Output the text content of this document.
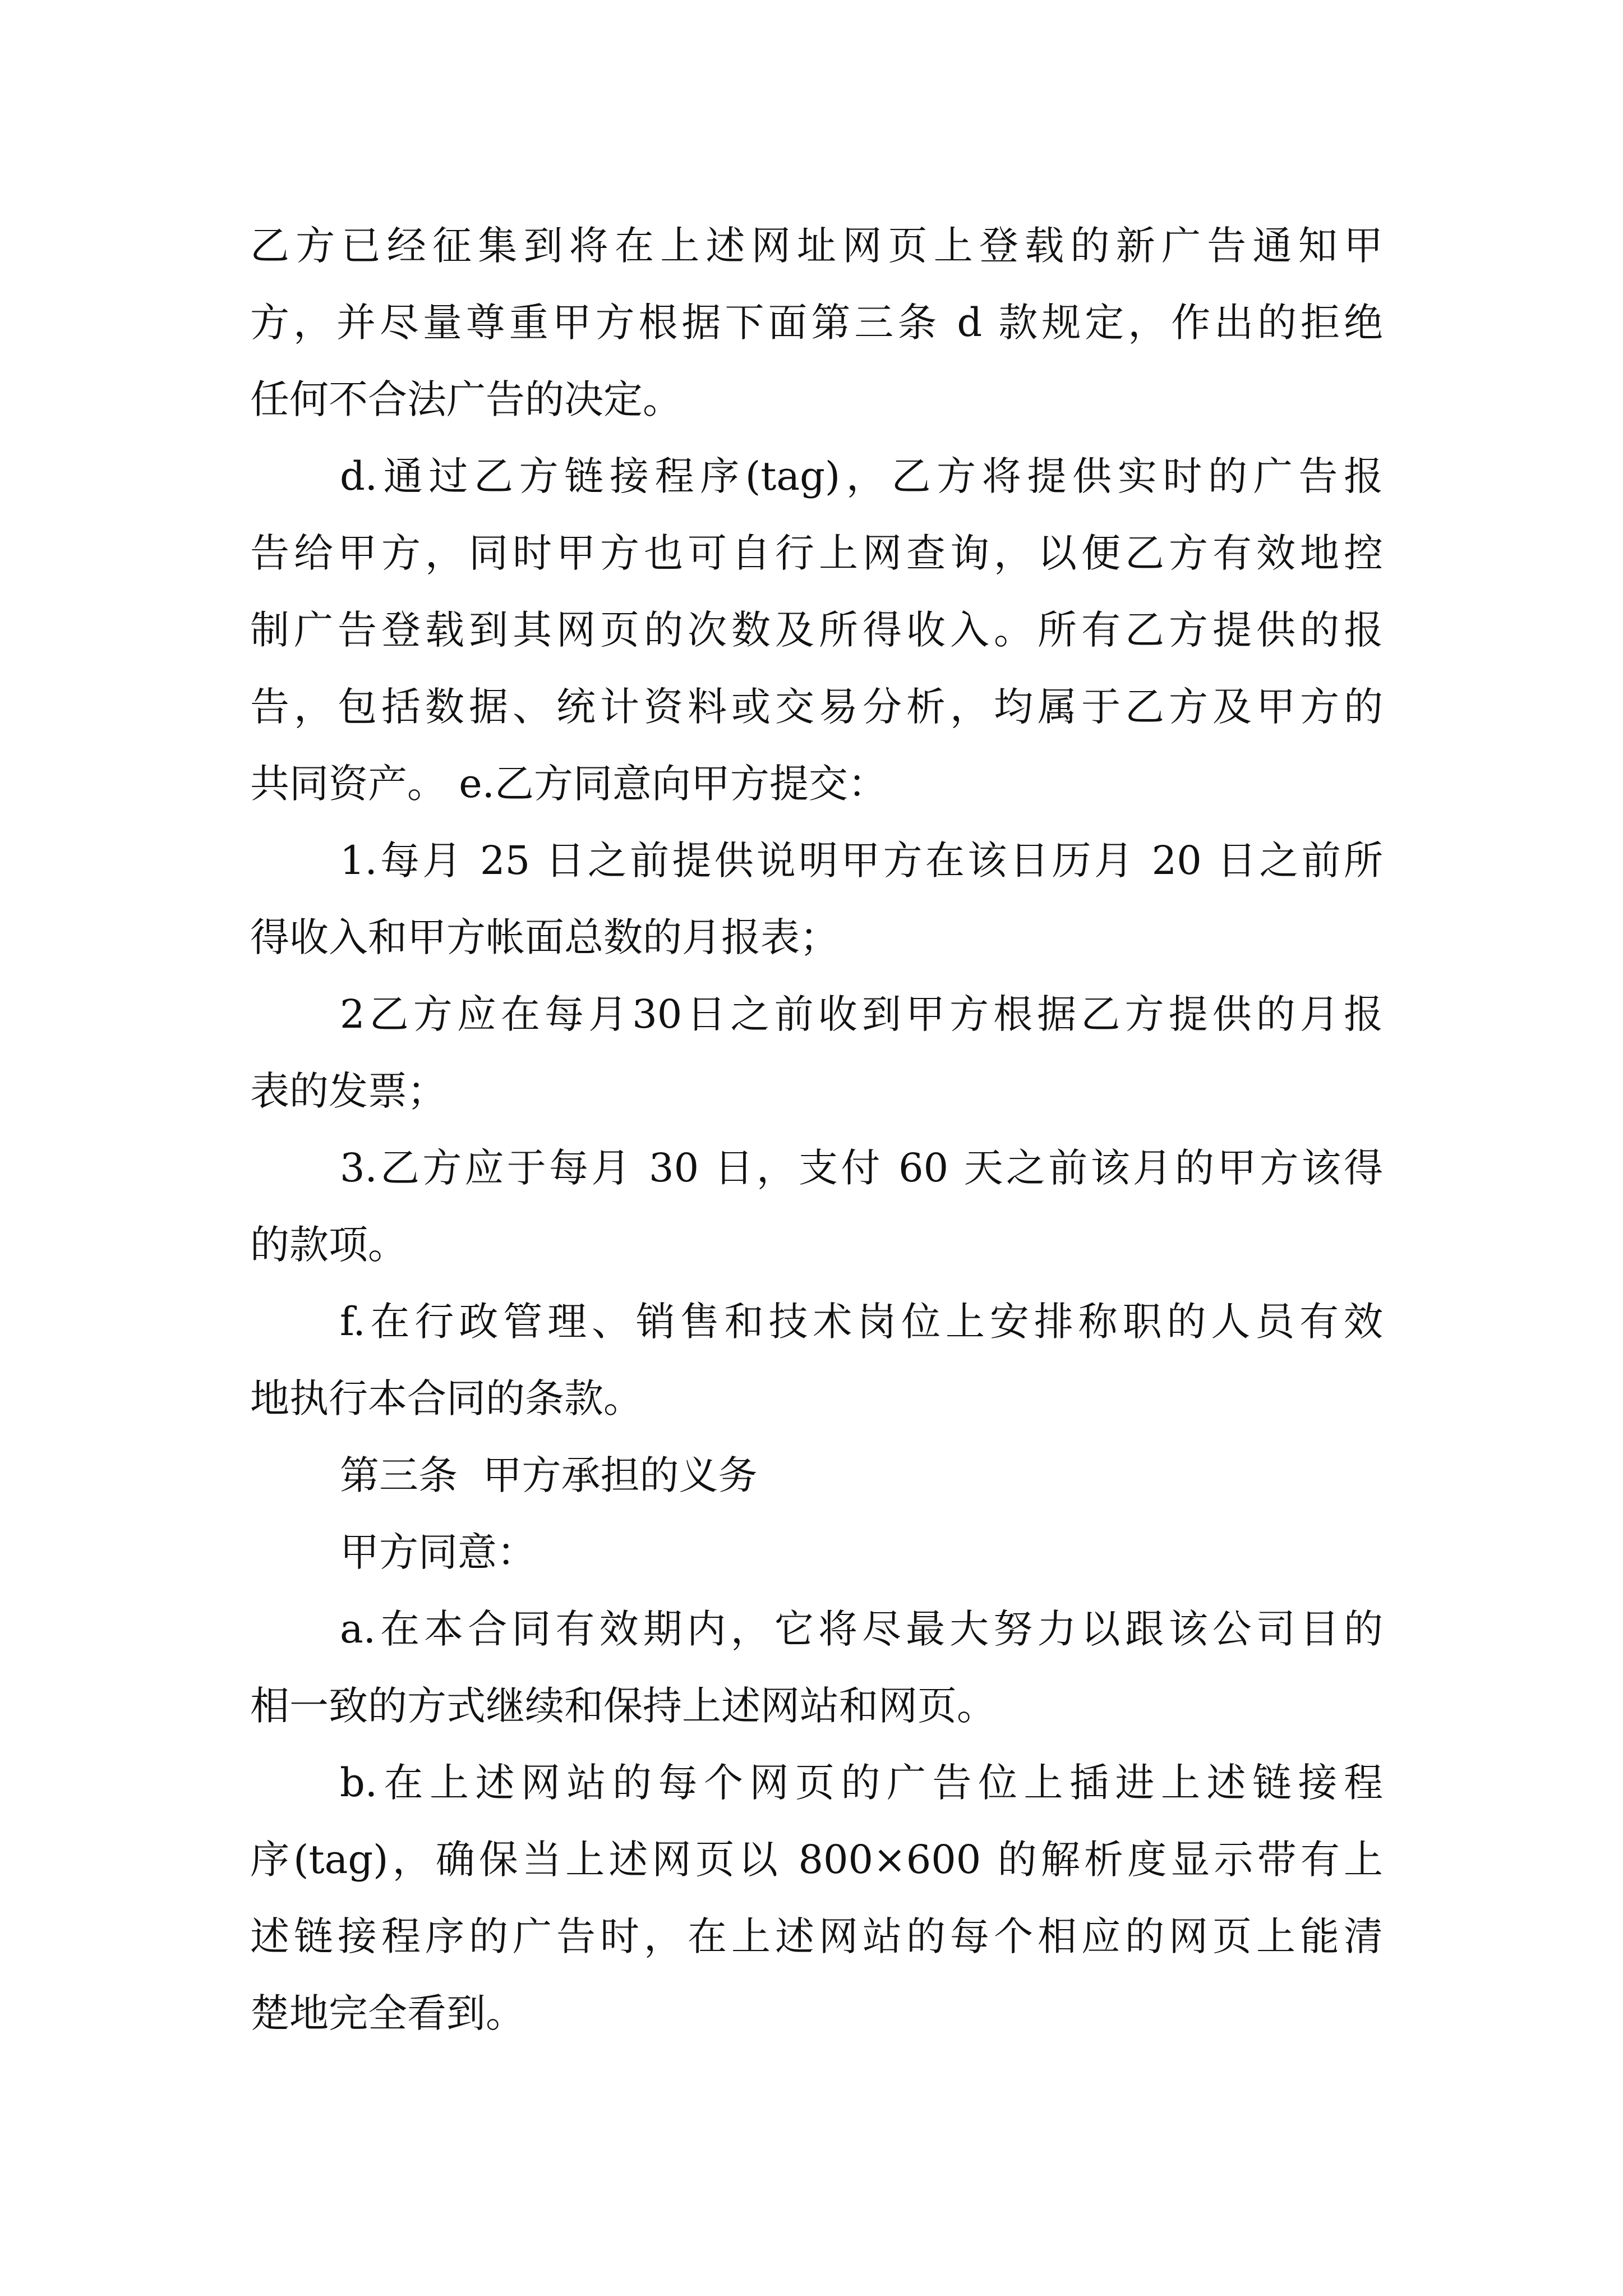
乙方已经征集到将在上述网址网页上登载的新广告通知甲
方，并尽量尊重甲方根据下面第三条 d 款规定，作出的拒绝
任何不合法广告的决定。
d.通过乙方链接程序(tag)，乙方将提供实时的广告报
告给甲方，同时甲方也可自行上网查询，以便乙方有效地控
制广告登载到其网页的次数及所得收入。所有乙方提供的报
告，包括数据、统计资料或交易分析，均属于乙方及甲方的
共同资产。 e.乙方同意向甲方提交：
1.每月 25 日之前提供说明甲方在该日历月 20 日之前所
得收入和甲方帐面总数的月报表；
2乙方应在每月30日之前收到甲方根据乙方提供的月报
表的发票；
3.乙方应于每月 30 日，支付 60 天之前该月的甲方该得
的款项。
f.在行政管理、销售和技术岗位上安排称职的人员有效
地执行本合同的条款。
第三条  甲方承担的义务
甲方同意：
a.在本合同有效期内，它将尽最大努力以跟该公司目的
相一致的方式继续和保持上述网站和网页。
b.在上述网站的每个网页的广告位上插进上述链接程
序(tag)，确保当上述网页以 800×600 的解析度显示带有上
述链接程序的广告时，在上述网站的每个相应的网页上能清
楚地完全看到。
